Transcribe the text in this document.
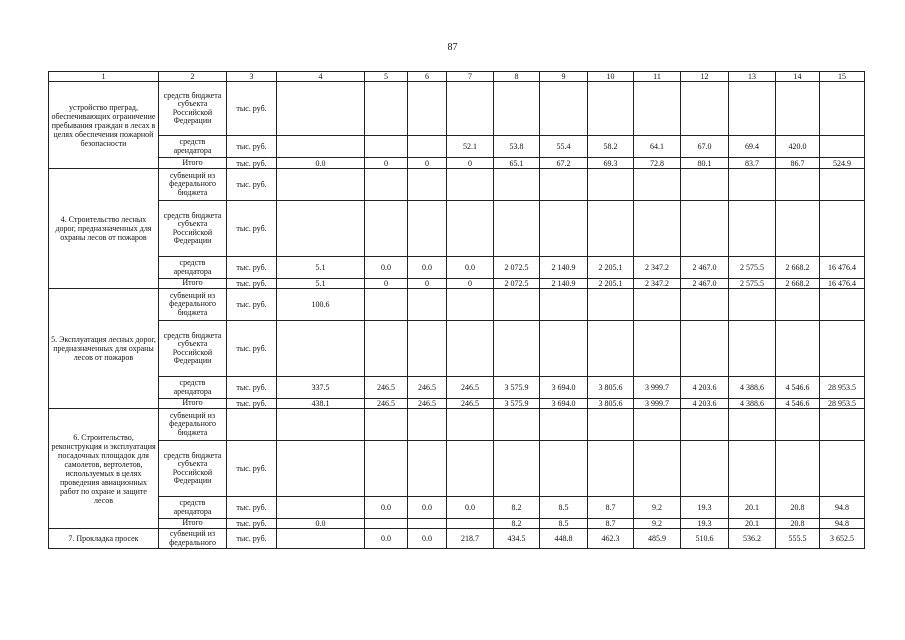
87
1	2	3	4	5	6	7	8	9	10	11	12	13	14	15
устройство преград, обеспечивающих ограничение пребывания граждан в лесах в целях обеспечения пожарной безопасности	средств бюджета субъекта Российской Федерации	тыс. руб.												
	средств арендатора	тыс. руб.				52.1	53.8	55.4	58.2	64.1	67.0	69.4	420.0	
	Итого	тыс. руб.	0.0	0	0	0	65.1	67.2	69.3	72.8	80.1	83.7	86.7	524.9
4. Строительство лесных дорог, предназначенных для охраны лесов от пожаров	субвенций из федерального бюджета	тыс. руб.												
	средств бюджета субъекта Российской Федерации	тыс. руб.												
	средств арендатора	тыс. руб.	5.1	0.0	0.0	0.0	2 072.5	2 140.9	2 205.1	2 347.2	2 467.0	2 575.5	2 668.2	16 476.4
	Итого	тыс. руб.	5.1	0	0	0	2 072.5	2 140.9	2 205.1	2 347.2	2 467.0	2 575.5	2 668.2	16 476.4
5. Эксплуатация лесных дорог, предназначенных для охраны лесов от пожаров	субвенций из федерального бюджета	тыс. руб.	100.6											
	средств бюджета субъекта Российской Федерации	тыс. руб.												
	средств арендатора	тыс. руб.	337.5	246.5	246.5	246.5	3 575.9	3 694.0	3 805.6	3 999.7	4 203.6	4 388.6	4 546.6	28 953.5
	Итого	тыс. руб.	438.1	246.5	246.5	246.5	3 575.9	3 694.0	3 805.6	3 999.7	4 203.6	4 388.6	4 546.6	28 953.5
6. Строительство, реконструкция и эксплуатация посадочных площадок для самолетов, вертолетов, используемых в целях проведения авиационных работ по охране и защите лесов	субвенций из федерального бюджета													
	средств бюджета субъекта Российской Федерации	тыс. руб.												
	средств арендатора	тыс. руб.		0.0	0.0	0.0	8.2	8.5	8.7	9.2	19.3	20.1	20.8	94.8
	Итого	тыс. руб.	0.0				8.2	8.5	8.7	9.2	19.3	20.1	20.8	94.8
7. Прокладка просек	субвенций из федерального	тыс. руб.		0.0	0.0	218.7	434.5	448.8	462.3	485.9	510.6	536.2	555.5	3 652.5
